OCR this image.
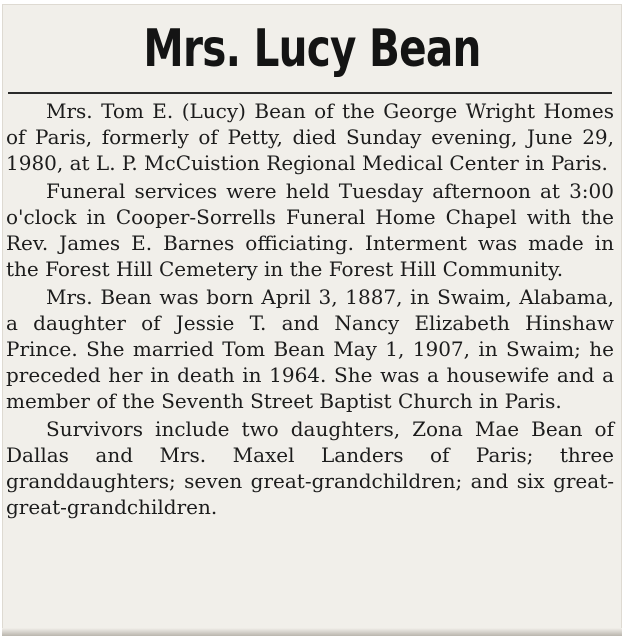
Mrs. Lucy Bean

Mrs. Tom E. (Lucy) Bean of the George Wright Homes of Paris, formerly of Petty, died Sunday evening, June 29, 1980, at L. P. McCuistion Regional Medical Center in Paris.

Funeral services were held Tuesday afternoon at 3:00 o'clock in Cooper-Sorrells Funeral Home Chapel with the Rev. James E. Barnes officiating. Interment was made in the Forest Hill Cemetery in the Forest Hill Community.

Mrs. Bean was born April 3, 1887, in Swaim, Alabama, a daughter of Jessie T. and Nancy Elizabeth Hinshaw Prince. She married Tom Bean May 1, 1907, in Swaim; he preceded her in death in 1964. She was a housewife and a member of the Seventh Street Baptist Church in Paris.

Survivors include two daughters, Zona Mae Bean of Dallas and Mrs. Maxel Landers of Paris; three granddaughters; seven great-grandchildren; and six great-great-grandchildren.
